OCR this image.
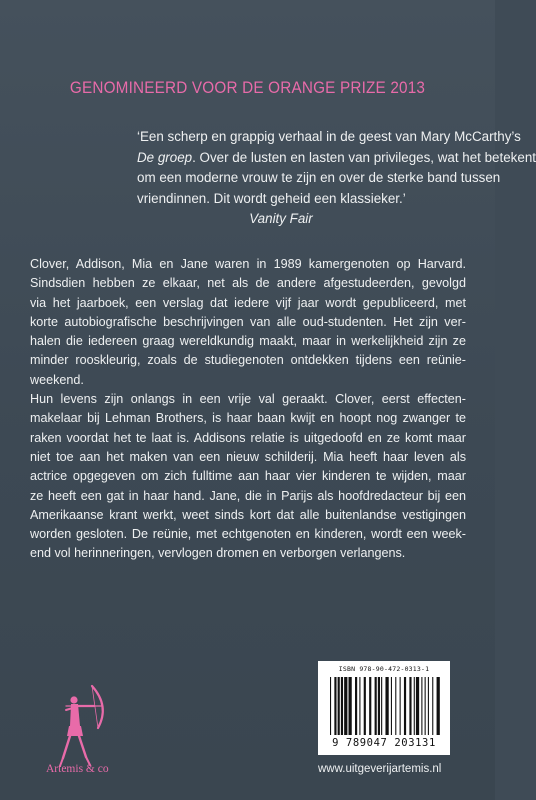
GENOMINEERD VOOR DE ORANGE PRIZE 2013
‘Een scherp en grappig verhaal in de geest van Mary McCarthy’s
De groep. Over de lusten en lasten van privileges, wat het betekent
om een moderne vrouw te zijn en over de sterke band tussen
vriendinnen. Dit wordt geheid een klassieker.’
Vanity Fair
Clover, Addison, Mia en Jane waren in 1989 kamergenoten op Harvard.
Sindsdien hebben ze elkaar, net als de andere afgestudeerden, gevolgd
via het jaarboek, een verslag dat iedere vijf jaar wordt gepubliceerd, met
korte autobiografische beschrijvingen van alle oud-studenten. Het zijn ver-
halen die iedereen graag wereldkundig maakt, maar in werkelijkheid zijn ze
minder rooskleurig, zoals de studiegenoten ontdekken tijdens een reünie-
weekend.
Hun levens zijn onlangs in een vrije val geraakt. Clover, eerst effecten-
makelaar bij Lehman Brothers, is haar baan kwijt en hoopt nog zwanger te
raken voordat het te laat is. Addisons relatie is uitgedoofd en ze komt maar
niet toe aan het maken van een nieuw schilderij. Mia heeft haar leven als
actrice opgegeven om zich fulltime aan haar vier kinderen te wijden, maar
ze heeft een gat in haar hand. Jane, die in Parijs als hoofdredacteur bij een
Amerikaanse krant werkt, weet sinds kort dat alle buitenlandse vestigingen
worden gesloten. De reünie, met echtgenoten en kinderen, wordt een week-
end vol herinneringen, vervlogen dromen en verborgen verlangens.
Artemis & co
ISBN 978-90-472-0313-1
9 789047 203131
www.uitgeverijartemis.nl
